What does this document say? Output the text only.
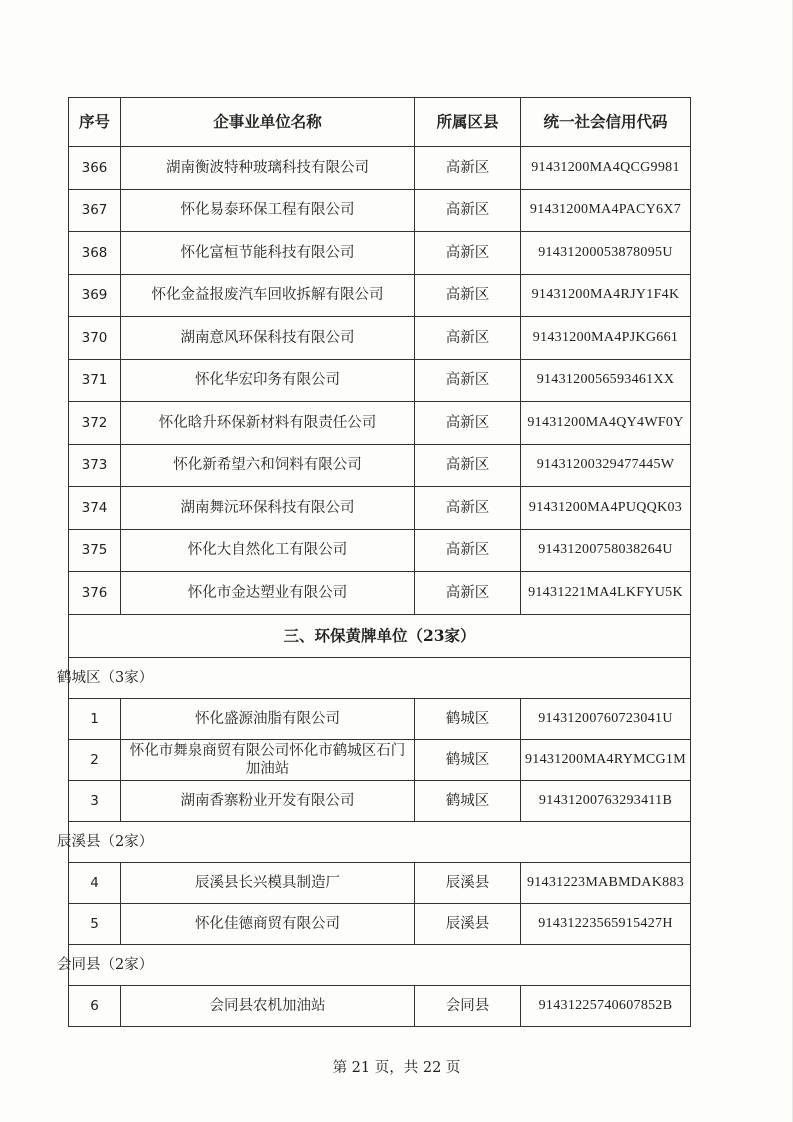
序号	企事业单位名称	所属区县	统一社会信用代码
366	湖南衡波特种玻璃科技有限公司	高新区	91431200MA4QCG9981
367	怀化易泰环保工程有限公司	高新区	91431200MA4PACY6X7
368	怀化富桓节能科技有限公司	高新区	91431200053878095U
369	怀化金益报废汽车回收拆解有限公司	高新区	91431200MA4RJY1F4K
370	湖南意风环保科技有限公司	高新区	91431200MA4PJKG661
371	怀化华宏印务有限公司	高新区	9143120056593461XX
372	怀化晗升环保新材料有限责任公司	高新区	91431200MA4QY4WF0Y
373	怀化新希望六和饲料有限公司	高新区	91431200329477445W
374	湖南舞沅环保科技有限公司	高新区	91431200MA4PUQQK03
375	怀化大自然化工有限公司	高新区	91431200758038264U
376	怀化市金达塑业有限公司	高新区	91431221MA4LKFYU5K
三、环保黄牌单位（23家）			
鹤城区（3家）			
1	怀化盛源油脂有限公司	鹤城区	91431200760723041U
2	怀化市舞泉商贸有限公司怀化市鹤城区石门加油站	鹤城区	91431200MA4RYMCG1M
3	湖南香寨粉业开发有限公司	鹤城区	91431200763293411B
辰溪县（2家）			
4	辰溪县长兴模具制造厂	辰溪县	91431223MABMDAK883
5	怀化佳德商贸有限公司	辰溪县	91431223565915427H
会同县（2家）			
6	会同县农机加油站	会同县	91431225740607852B
第 21 页，共 22 页
